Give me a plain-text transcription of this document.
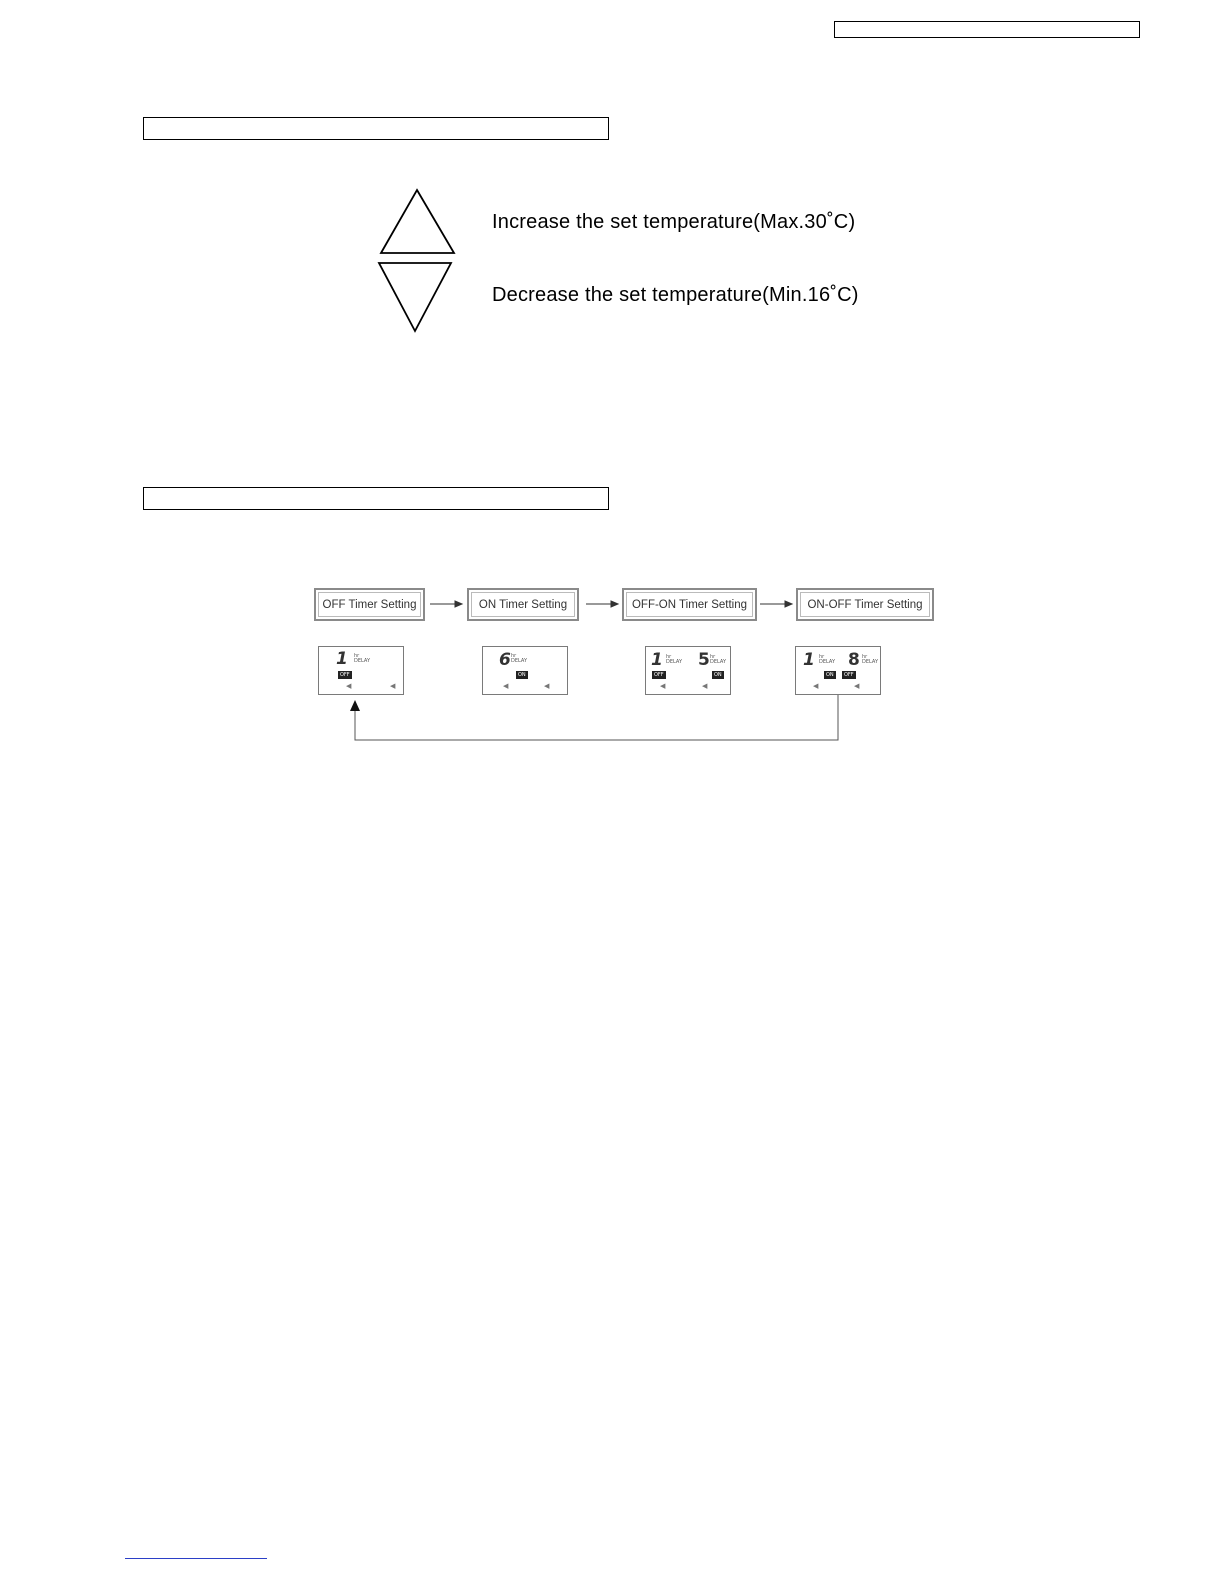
Increase the set temperature(Max.30˚C)
Decrease the set temperature(Min.16˚C)
OFF Timer Setting	ON Timer Setting	OFF-ON Timer Setting	ON-OFF Timer Setting
1 hr
DELAY
OFF
◀	◀
6 hr
DELAY
ON
◀	◀
1 hr
DELAY
OFF
5 hr
DELAY
ON
◀	◀
1 hr
DELAY
ON
8 hr
DELAY
OFF
◀	◀
